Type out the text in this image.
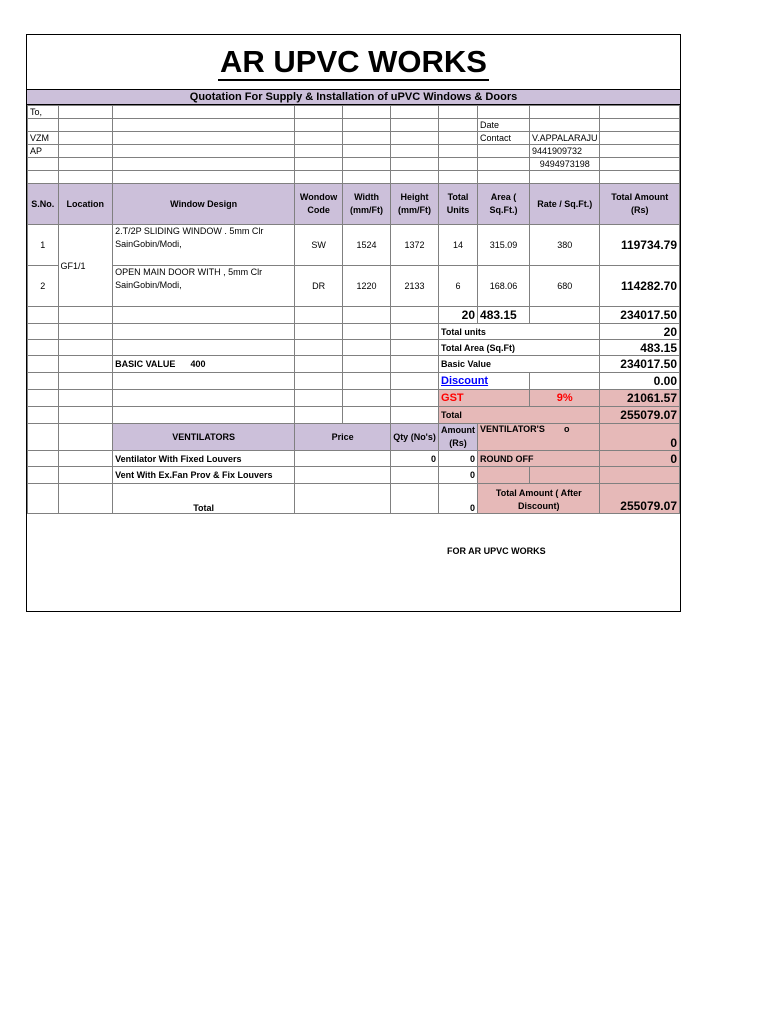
AR UPVC WORKS
Quotation For Supply & Installation of uPVC Windows & Doors
To,									
							Date		
VZM							Contact	V.APPALARAJU	
AP								9441909732	
								9494973198	

S.No.	Location	Window Design	Wondow Code	Width (mm/Ft)	Height (mm/Ft)	Total Units	Area ( Sq.Ft.)	Rate / Sq.Ft.)	Total Amount (Rs)
1	GF1/1	2.T/2P SLIDING WINDOW . 5mm Clr SainGobin/Modi,	SW	1524	1372	14	315.09	380	119734.79
2		OPEN MAIN DOOR WITH , 5mm Clr SainGobin/Modi,	DR	1220	2133	6	168.06	680	114282.70
						20	483.15		234017.50
						Total units			20
						Total Area (Sq.Ft)			483.15
		BASIC VALUE 400				Basic Value			234017.50
						Discount			0.00
						GST		9%	21061.57
						Total			255079.07
		VENTILATORS	Price		Qty (No's)	Amount (Rs)	VENTILATOR'S o		0
		Ventilator With Fixed Louvers			0	0	ROUND OFF		0
		Vent With Ex.Fan Prov & Fix Louvers				0			
		Total				0	Total Amount ( After Discount)		255079.07
FOR AR UPVC WORKS
